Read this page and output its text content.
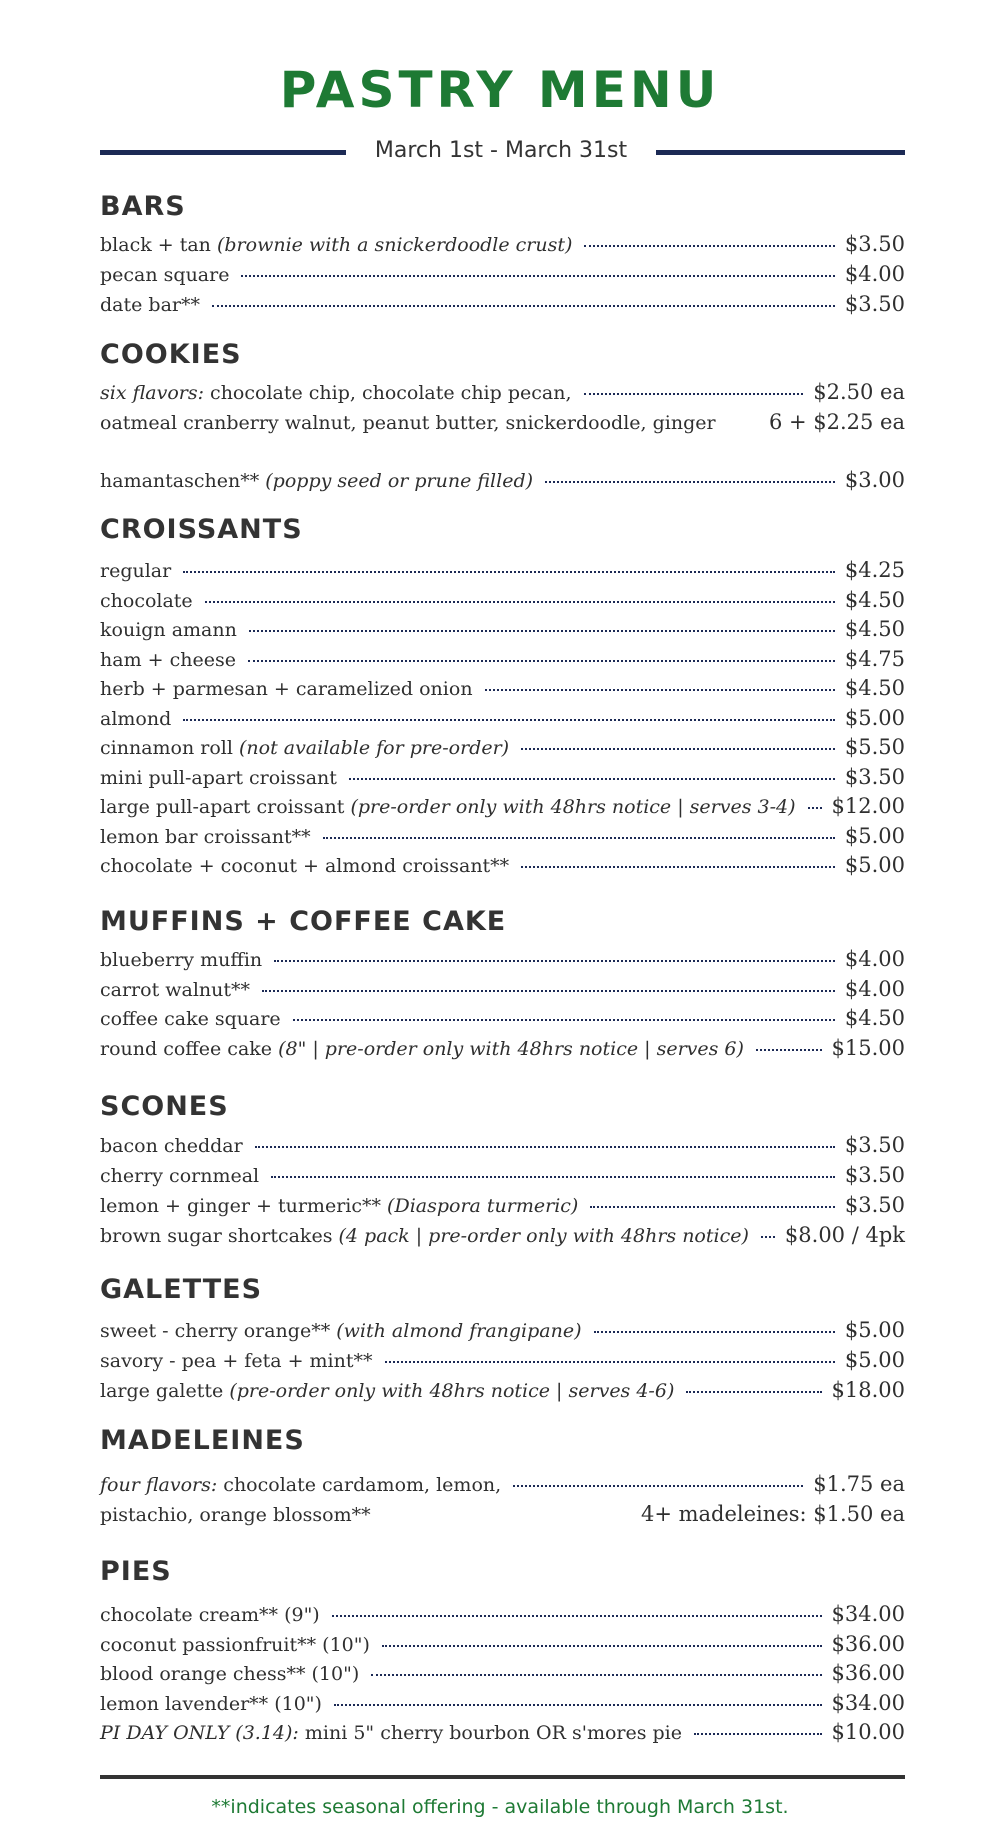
PASTRY MENU
March 1st - March 31st
BARS
black + tan (brownie with a snickerdoodle crust)	$3.50
pecan square	$4.00
date bar**	$3.50
COOKIES
six flavors: chocolate chip, chocolate chip pecan,	$2.50 ea
oatmeal cranberry walnut, peanut butter, snickerdoodle, ginger	6 + $2.25 ea
hamantaschen** (poppy seed or prune filled)	$3.00
CROISSANTS
regular	$4.25
chocolate	$4.50
kouign amann	$4.50
ham + cheese	$4.75
herb + parmesan + caramelized onion	$4.50
almond	$5.00
cinnamon roll (not available for pre-order)	$5.50
mini pull-apart croissant	$3.50
large pull-apart croissant (pre-order only with 48hrs notice | serves 3-4) $12.00
lemon bar croissant**	$5.00
chocolate + coconut + almond croissant**	$5.00
MUFFINS + COFFEE CAKE
blueberry muffin	$4.00
carrot walnut**	$4.00
coffee cake square	$4.50
round coffee cake (8" | pre-order only with 48hrs notice | serves 6)	$15.00
SCONES
bacon cheddar	$3.50
cherry cornmeal	$3.50
lemon + ginger + turmeric** (Diaspora turmeric)	$3.50
brown sugar shortcakes (4 pack | pre-order only with 48hrs notice) $8.00 / 4pk
GALETTES
sweet - cherry orange** (with almond frangipane)	$5.00
savory - pea + feta + mint**	$5.00
large galette (pre-order only with 48hrs notice | serves 4-6)	$18.00
MADELEINES
four flavors: chocolate cardamom, lemon,	$1.75 ea
pistachio, orange blossom**	4+ madeleines: $1.50 ea
PIES
chocolate cream** (9")	$34.00
coconut passionfruit** (10")	$36.00
blood orange chess** (10")	$36.00
lemon lavender** (10")	$34.00
PI DAY ONLY (3.14): mini 5" cherry bourbon OR s'mores pie	$10.00
**indicates seasonal offering - available through March 31st.
